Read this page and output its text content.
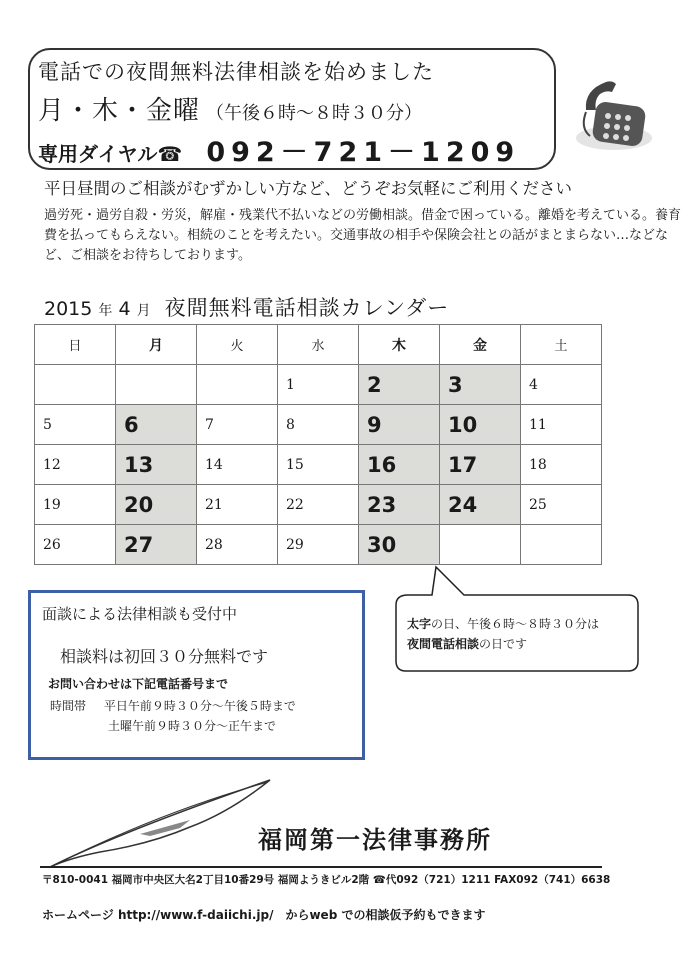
電話での夜間無料法律相談を始めました
月・木・金曜 （午後６時～８時３０分）
専用ダイヤル☎ 092－721－1209
平日昼間のご相談がむずかしい方など、どうぞお気軽にご利用ください
過労死・過労自殺・労災，解雇・残業代不払いなどの労働相談。借金で困っている。離婚を考えている。養育費を払ってもらえない。相続のことを考えたい。交通事故の相手や保険会社との話がまとまらない…などなど、ご相談をお待ちしております。
2015 年 4 月 夜間無料電話相談カレンダー
日	月	火	水	木	金	土
			1	2	3	4
5	6	7	8	9	10	11
12	13	14	15	16	17	18
19	20	21	22	23	24	25
26	27	28	29	30		
面談による法律相談も受付中
相談料は初回３０分無料です
お問い合わせは下記電話番号まで
時間帯 平日午前９時３０分～午後５時まで
土曜午前９時３０分～正午まで
太字の日、午後６時～８時３０分は
夜間電話相談の日です
福岡第一法律事務所
〒810-0041 福岡市中央区大名2丁目10番29号 福岡ようきビル2階 ☎代092（721）1211 FAX092（741）6638
ホームページ http://www.f-daiichi.jp/　からweb での相談仮予約もできます
